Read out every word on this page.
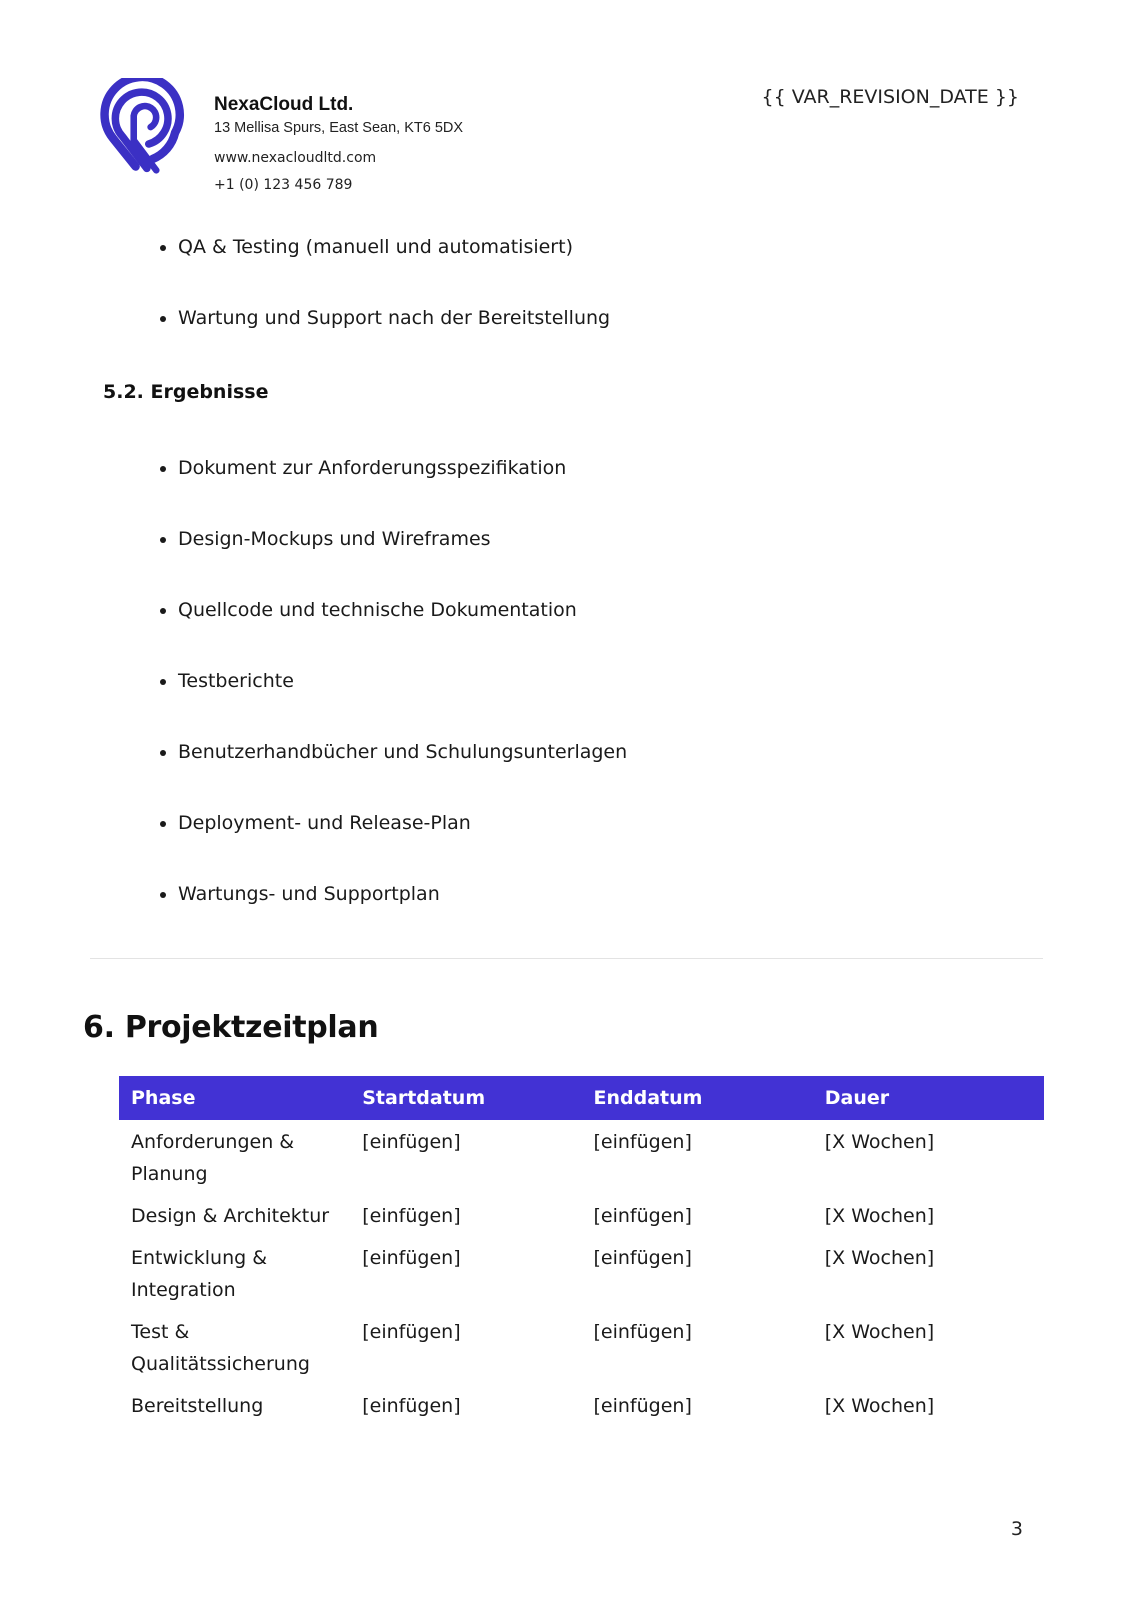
NexaCloud Ltd.
13 Mellisa Spurs, East Sean, KT6 5DX
www.nexacloudltd.com
+1 (0) 123 456 789
{{ VAR_REVISION_DATE }}
QA & Testing (manuell und automatisiert)
Wartung und Support nach der Bereitstellung
5.2. Ergebnisse
Dokument zur Anforderungsspezifikation
Design-Mockups und Wireframes
Quellcode und technische Dokumentation
Testberichte
Benutzerhandbücher und Schulungsunterlagen
Deployment- und Release-Plan
Wartungs- und Supportplan
6. Projektzeitplan
Phase	Startdatum	Enddatum	Dauer
Anforderungen & Planung	[einfügen]	[einfügen]	[X Wochen]
Design & Architektur	[einfügen]	[einfügen]	[X Wochen]
Entwicklung & Integration	[einfügen]	[einfügen]	[X Wochen]
Test & Qualitätssicherung	[einfügen]	[einfügen]	[X Wochen]
Bereitstellung	[einfügen]	[einfügen]	[X Wochen]
3
